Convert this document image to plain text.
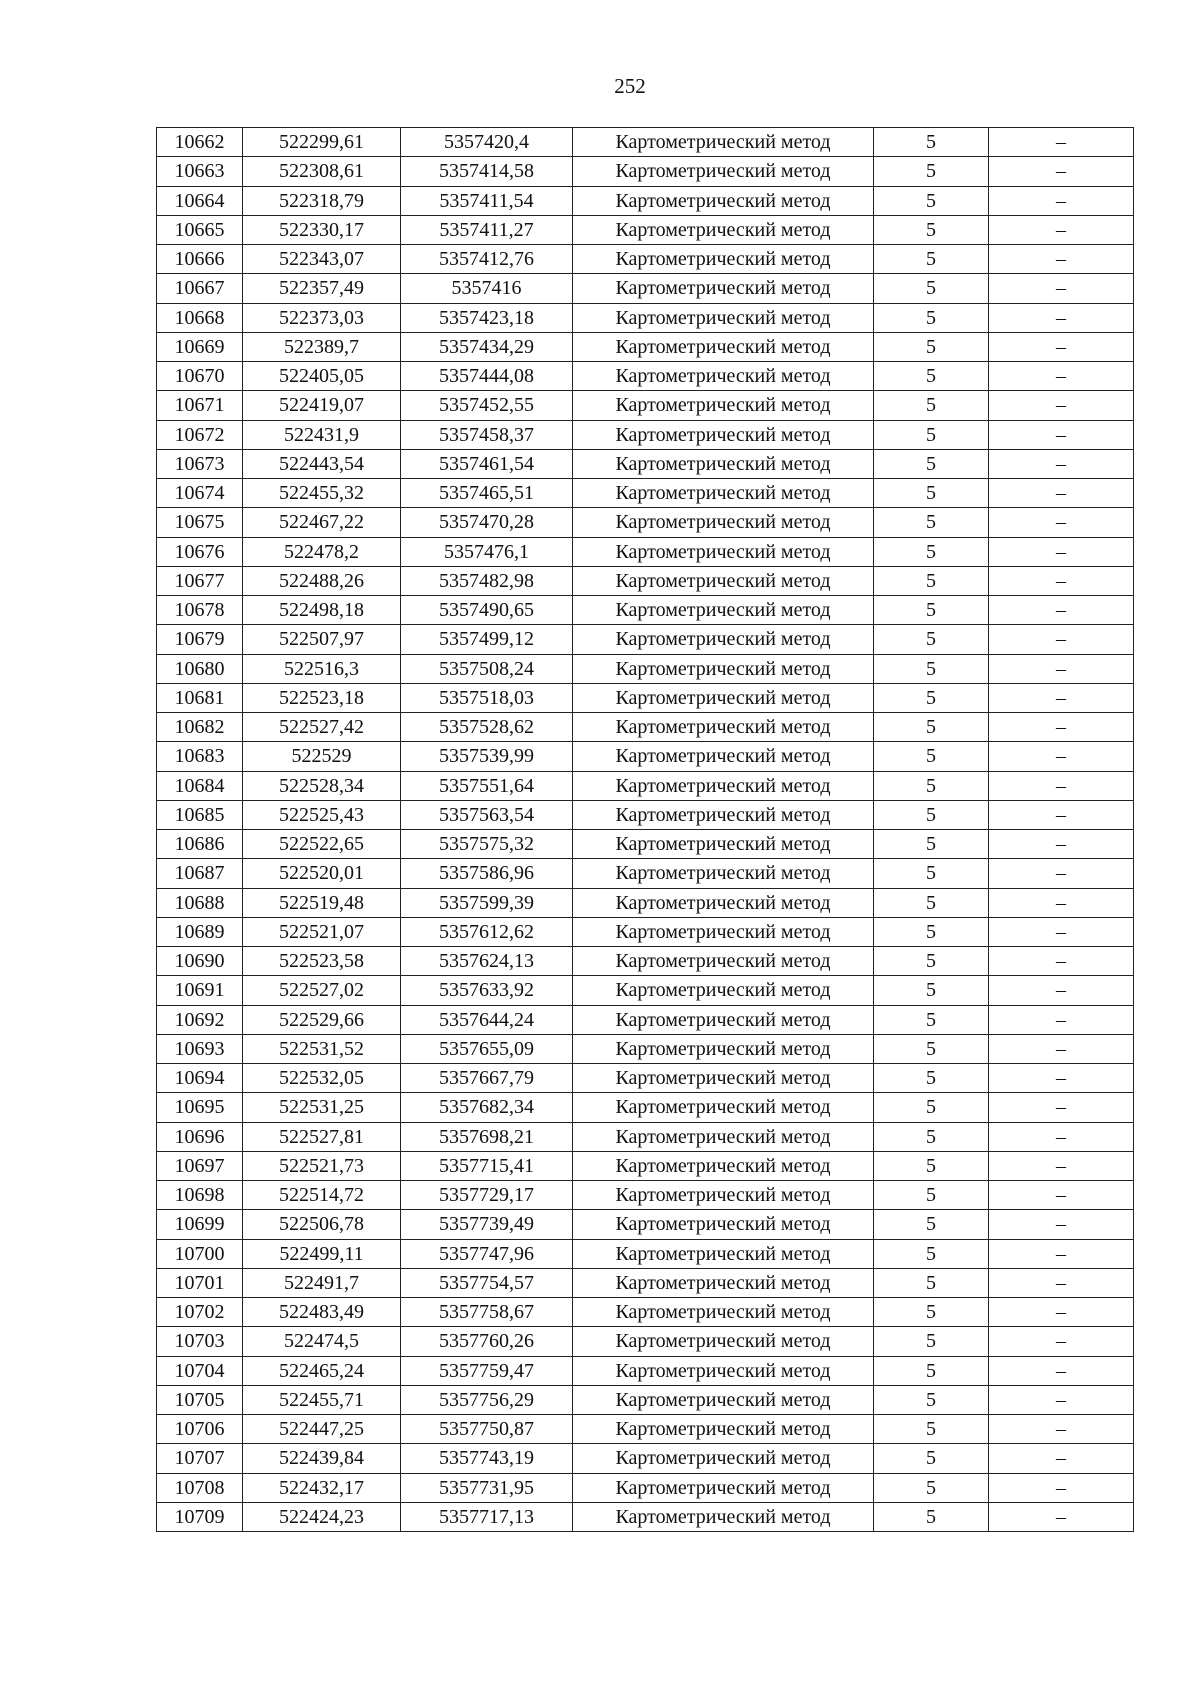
252
10662	522299,61	5357420,4	Картометрический метод	5	–
10663	522308,61	5357414,58	Картометрический метод	5	–
10664	522318,79	5357411,54	Картометрический метод	5	–
10665	522330,17	5357411,27	Картометрический метод	5	–
10666	522343,07	5357412,76	Картометрический метод	5	–
10667	522357,49	5357416	Картометрический метод	5	–
10668	522373,03	5357423,18	Картометрический метод	5	–
10669	522389,7	5357434,29	Картометрический метод	5	–
10670	522405,05	5357444,08	Картометрический метод	5	–
10671	522419,07	5357452,55	Картометрический метод	5	–
10672	522431,9	5357458,37	Картометрический метод	5	–
10673	522443,54	5357461,54	Картометрический метод	5	–
10674	522455,32	5357465,51	Картометрический метод	5	–
10675	522467,22	5357470,28	Картометрический метод	5	–
10676	522478,2	5357476,1	Картометрический метод	5	–
10677	522488,26	5357482,98	Картометрический метод	5	–
10678	522498,18	5357490,65	Картометрический метод	5	–
10679	522507,97	5357499,12	Картометрический метод	5	–
10680	522516,3	5357508,24	Картометрический метод	5	–
10681	522523,18	5357518,03	Картометрический метод	5	–
10682	522527,42	5357528,62	Картометрический метод	5	–
10683	522529	5357539,99	Картометрический метод	5	–
10684	522528,34	5357551,64	Картометрический метод	5	–
10685	522525,43	5357563,54	Картометрический метод	5	–
10686	522522,65	5357575,32	Картометрический метод	5	–
10687	522520,01	5357586,96	Картометрический метод	5	–
10688	522519,48	5357599,39	Картометрический метод	5	–
10689	522521,07	5357612,62	Картометрический метод	5	–
10690	522523,58	5357624,13	Картометрический метод	5	–
10691	522527,02	5357633,92	Картометрический метод	5	–
10692	522529,66	5357644,24	Картометрический метод	5	–
10693	522531,52	5357655,09	Картометрический метод	5	–
10694	522532,05	5357667,79	Картометрический метод	5	–
10695	522531,25	5357682,34	Картометрический метод	5	–
10696	522527,81	5357698,21	Картометрический метод	5	–
10697	522521,73	5357715,41	Картометрический метод	5	–
10698	522514,72	5357729,17	Картометрический метод	5	–
10699	522506,78	5357739,49	Картометрический метод	5	–
10700	522499,11	5357747,96	Картометрический метод	5	–
10701	522491,7	5357754,57	Картометрический метод	5	–
10702	522483,49	5357758,67	Картометрический метод	5	–
10703	522474,5	5357760,26	Картометрический метод	5	–
10704	522465,24	5357759,47	Картометрический метод	5	–
10705	522455,71	5357756,29	Картометрический метод	5	–
10706	522447,25	5357750,87	Картометрический метод	5	–
10707	522439,84	5357743,19	Картометрический метод	5	–
10708	522432,17	5357731,95	Картометрический метод	5	–
10709	522424,23	5357717,13	Картометрический метод	5	–
